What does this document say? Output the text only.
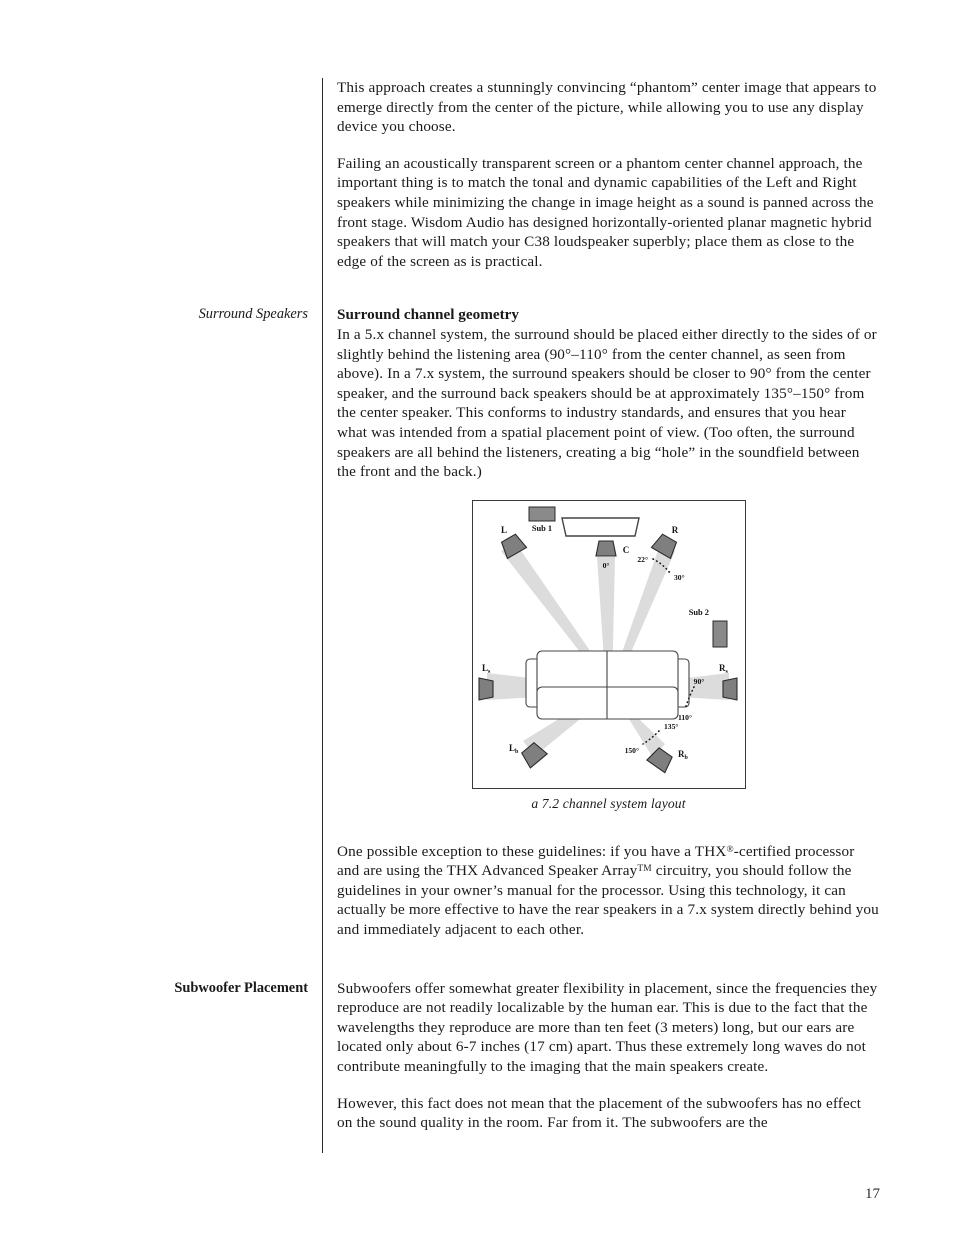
This approach creates a stunningly convincing “phantom” center image that appears to emerge directly from the center of the picture, while allowing you to use any display device you choose.

Failing an acoustically transparent screen or a phantom center channel approach, the important thing is to match the tonal and dynamic capabilities of the Left and Right speakers while minimizing the change in image height as a sound is panned across the front stage. Wisdom Audio has designed horizontally-oriented planar magnetic hybrid speakers that will match your C38 loudspeaker superbly; place them as close to the edge of the screen as is practical.

Surround Speakers	Surround channel geometry

In a 5.x channel system, the surround should be placed either directly to the sides of or slightly behind the listening area (90°–110° from the center channel, as seen from above). In a 7.x system, the surround speakers should be closer to 90° from the center speaker, and the surround back speakers should be at approximately 135°–150° from the center speaker. This conforms to industry standards, and ensures that you hear what was intended from a spatial placement point of view. (Too often, the surround speakers are all behind the listeners, creating a big “hole” in the soundfield between the front and the back.)

Sub 1
Sub 2
L
C
R
$L_s$	$R_s$
$L_b$	$R_b$
0°
22°
30°
90°
110°
135°
150°
a 7.2 channel system layout

One possible exception to these guidelines: if you have a THX®-certified processor and are using the THX Advanced Speaker Array™ circuitry, you should follow the guidelines in your owner’s manual for the processor. Using this technology, it can actually be more effective to have the rear speakers in a 7.x system directly behind you and immediately adjacent to each other.

Subwoofer Placement	Subwoofers offer somewhat greater flexibility in placement, since the frequencies they reproduce are not readily localizable by the human ear. This is due to the fact that the wavelengths they reproduce are more than ten feet (3 meters) long, but our ears are located only about 6-7 inches (17 cm) apart. Thus these extremely long waves do not contribute meaningfully to the imaging that the main speakers create.

However, this fact does not mean that the placement of the subwoofers has no effect on the sound quality in the room. Far from it. The subwoofers are the

17
